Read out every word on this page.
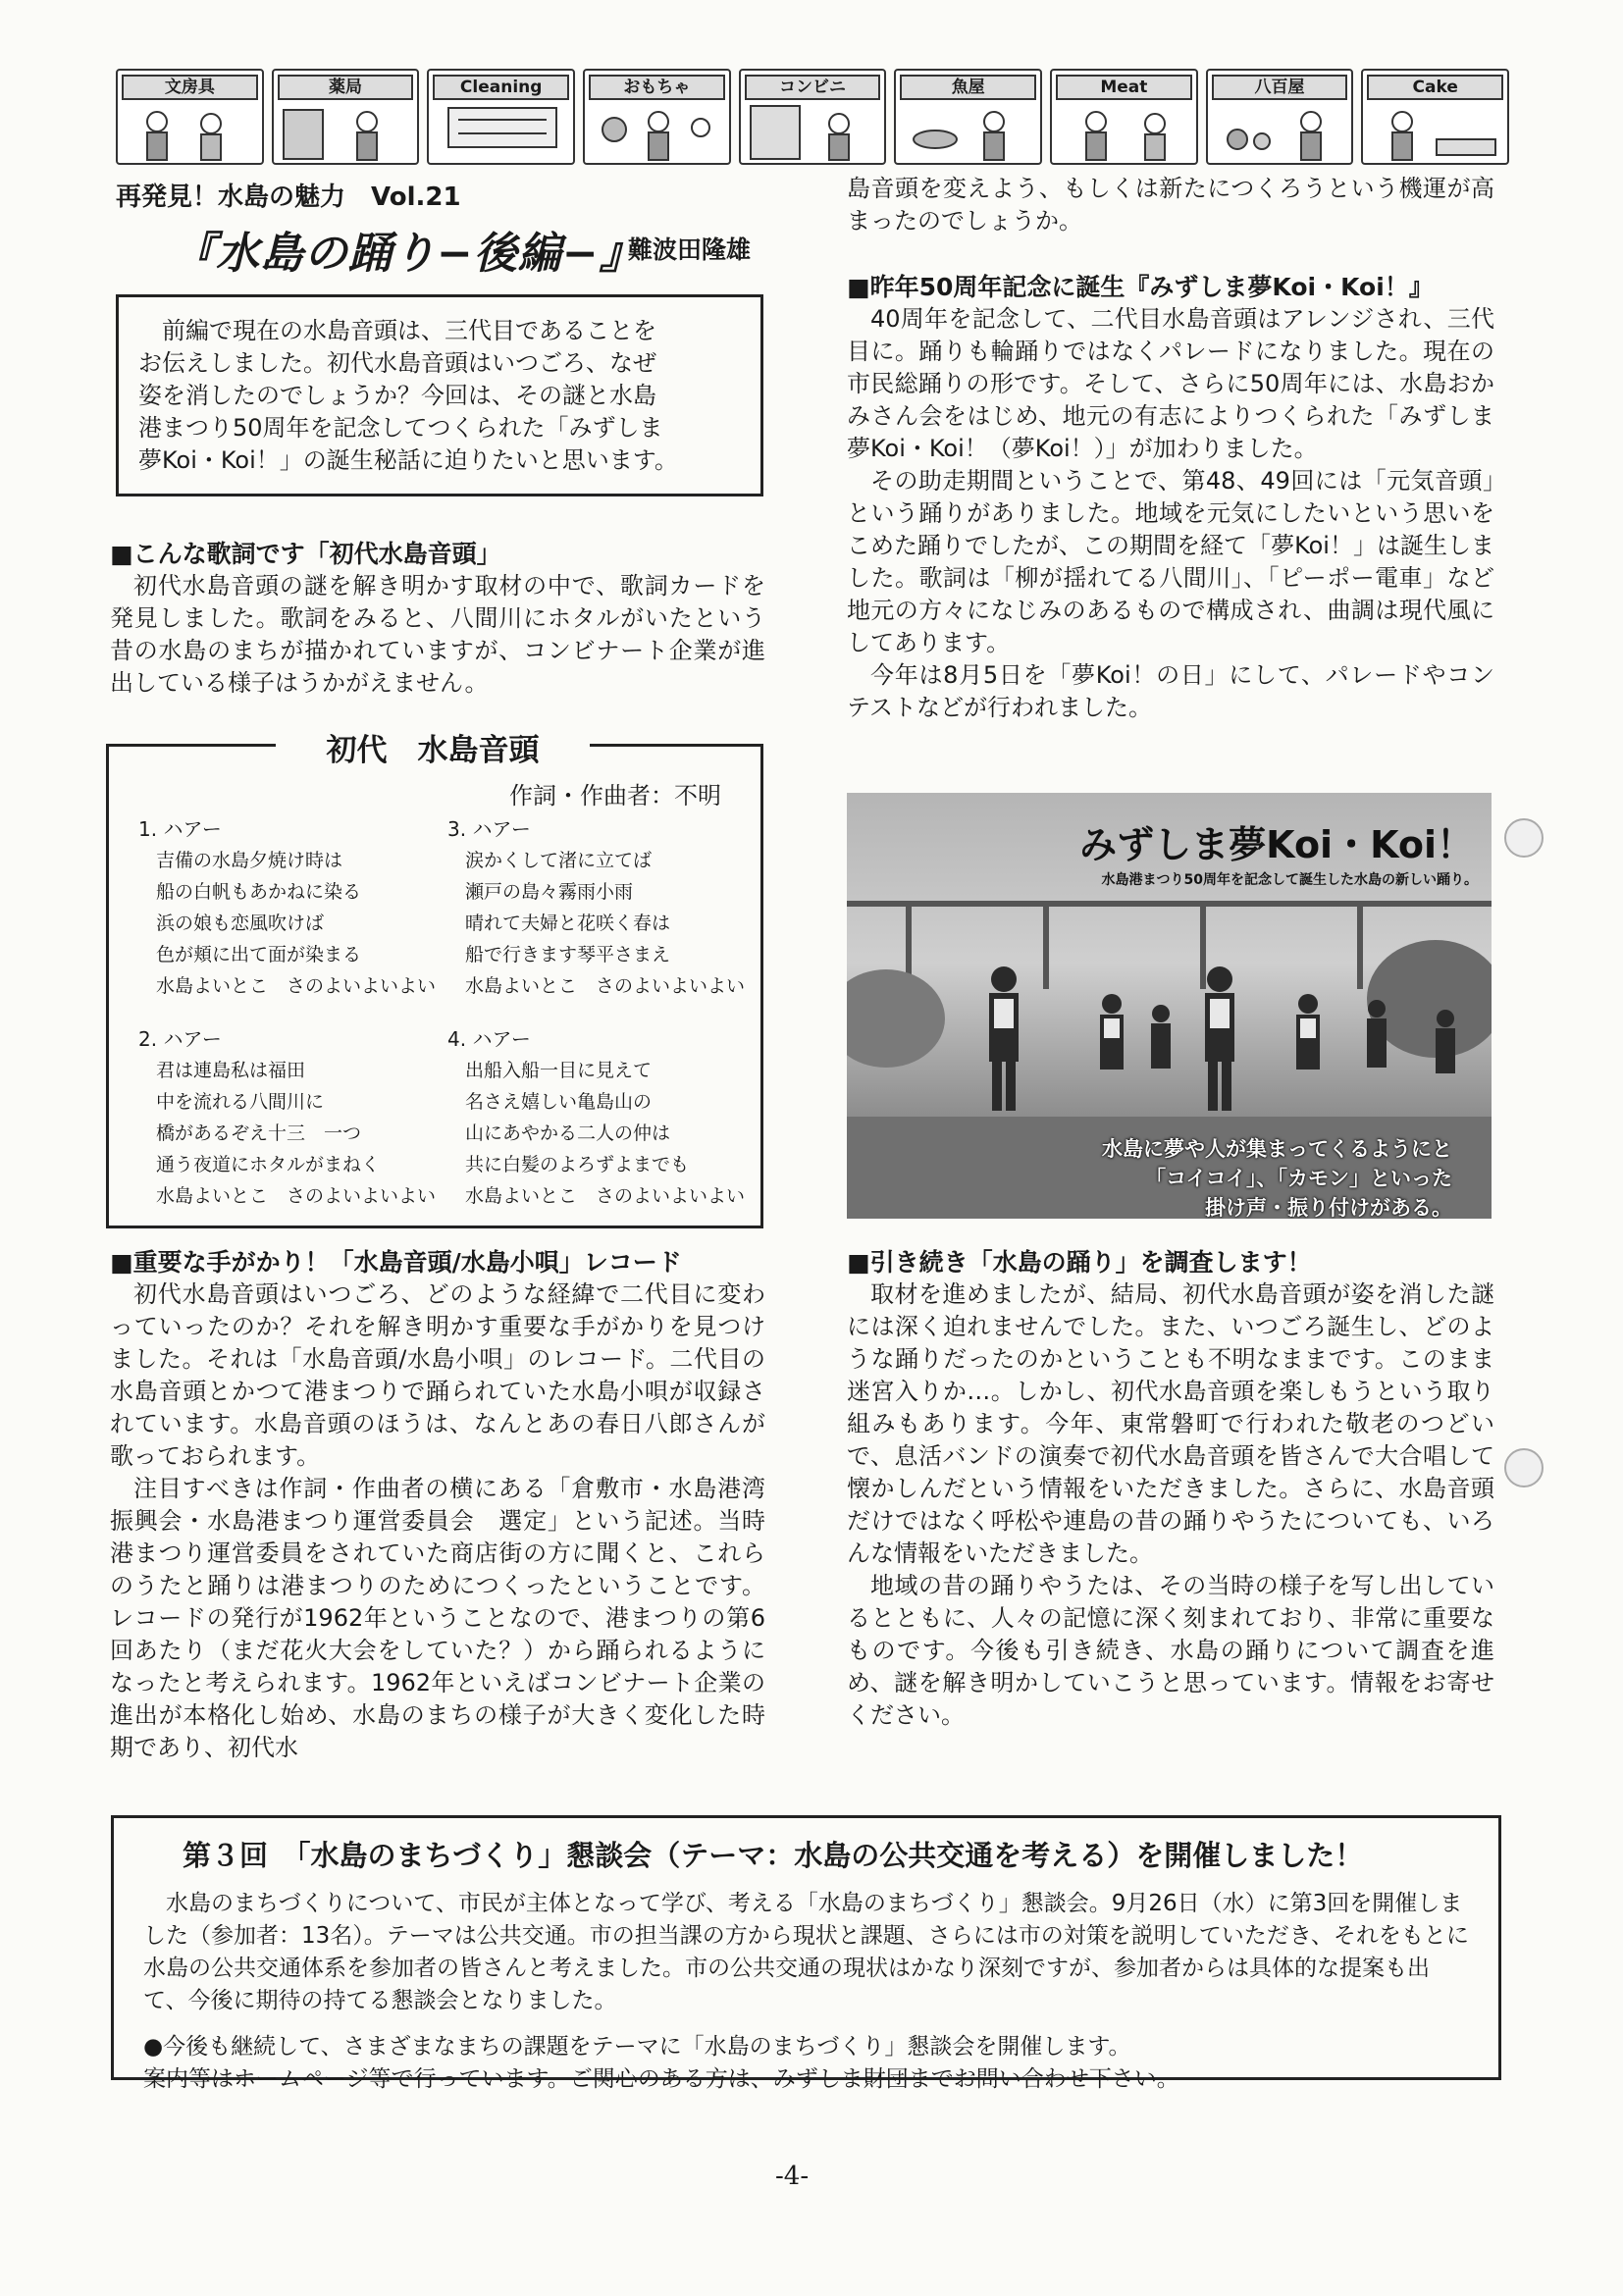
文房具	薬局	Cleaning	おもちゃ	コンビニ	魚屋	Meat	八百屋	Cake
再発見！水島の魅力　Vol.21
『水島の踊り−後編−』
難波田隆雄
前編で現在の水島音頭は、三代目であることを
お伝えしました。初代水島音頭はいつごろ、なぜ
姿を消したのでしょうか？今回は、その謎と水島
港まつり50周年を記念してつくられた「みずしま
夢Koi・Koi！」の誕生秘話に迫りたいと思います。

■こんな歌詞です「初代水島音頭」

初代水島音頭の謎を解き明かす取材の中で、歌詞カードを発見しました。歌詞をみると、八間川にホタルがいたという昔の水島のまちが描かれていますが、コンビナート企業が進出している様子はうかがえません。

初代　水島音頭
作詞・作曲者：不明
1. ハアー
吉備の水島夕焼け時は
船の白帆もあかねに染る
浜の娘も恋風吹けば
色が頬に出て面が染まる
水島よいとこ　さのよいよいよい
2. ハアー
君は連島私は福田
中を流れる八間川に
橋があるぞえ十三　一つ
通う夜道にホタルがまねく
水島よいとこ　さのよいよいよい
3. ハアー
涙かくして渚に立てば
瀬戸の島々霧雨小雨
晴れて夫婦と花咲く春は
船で行きます琴平さまえ
水島よいとこ　さのよいよいよい
4. ハアー
出船入船一目に見えて
名さえ嬉しい亀島山の
山にあやかる二人の仲は
共に白髪のよろずよまでも
水島よいとこ　さのよいよいよい

■重要な手がかり！「水島音頭/水島小唄」レコード

初代水島音頭はいつごろ、どのような経緯で二代目に変わっていったのか？それを解き明かす重要な手がかりを見つけました。それは「水島音頭/水島小唄」のレコード。二代目の水島音頭とかつて港まつりで踊られていた水島小唄が収録されています。水島音頭のほうは、なんとあの春日八郎さんが歌っておられます。

注目すべきは作詞・作曲者の横にある「倉敷市・水島港湾振興会・水島港まつり運営委員会　選定」という記述。当時港まつり運営委員をされていた商店街の方に聞くと、これらのうたと踊りは港まつりのためにつくったということです。レコードの発行が1962年ということなので、港まつりの第6回あたり（まだ花火大会をしていた？）から踊られるようになったと考えられます。1962年といえばコンビナート企業の進出が本格化し始め、水島のまちの様子が大きく変化した時期であり、初代水

島音頭を変えよう、もしくは新たにつくろうという機運が高まったのでしょうか。

■昨年50周年記念に誕生『みずしま夢Koi・Koi！』

40周年を記念して、二代目水島音頭はアレンジされ、三代目に。踊りも輪踊りではなくパレードになりました。現在の市民総踊りの形です。そして、さらに50周年には、水島おかみさん会をはじめ、地元の有志によりつくられた「みずしま夢Koi・Koi！（夢Koi！）」が加わりました。

その助走期間ということで、第48、49回には「元気音頭」という踊りがありました。地域を元気にしたいという思いをこめた踊りでしたが、この期間を経て「夢Koi！」は誕生しました。歌詞は「柳が揺れてる八間川」、「ピーポー電車」など地元の方々になじみのあるもので構成され、曲調は現代風にしてあります。

今年は8月5日を「夢Koi！の日」にして、パレードやコンテストなどが行われました。

みずしま夢Koi・Koi！
水島港まつり50周年を記念して誕生した水島の新しい踊り。
水島に夢や人が集まってくるようにと
「コイコイ」、「カモン」といった
掛け声・振り付けがある。

■引き続き「水島の踊り」を調査します！

取材を進めましたが、結局、初代水島音頭が姿を消した謎には深く迫れませんでした。また、いつごろ誕生し、どのような踊りだったのかということも不明なままです。このまま迷宮入りか…。しかし、初代水島音頭を楽しもうという取り組みもあります。今年、東常磐町で行われた敬老のつどいで、息活バンドの演奏で初代水島音頭を皆さんで大合唱して懐かしんだという情報をいただきました。さらに、水島音頭だけではなく呼松や連島の昔の踊りやうたについても、いろんな情報をいただきました。

地域の昔の踊りやうたは、その当時の様子を写し出しているとともに、人々の記憶に深く刻まれており、非常に重要なものです。今後も引き続き、水島の踊りについて調査を進め、謎を解き明かしていこうと思っています。情報をお寄せください。

第３回　「水島のまちづくり」懇談会（テーマ：水島の公共交通を考える）を開催しました！

水島のまちづくりについて、市民が主体となって学び、考える「水島のまちづくり」懇談会。9月26日（水）に第3回を開催しました（参加者：13名）。テーマは公共交通。市の担当課の方から現状と課題、さらには市の対策を説明していただき、それをもとに水島の公共交通体系を参加者の皆さんと考えました。市の公共交通の現状はかなり深刻ですが、参加者からは具体的な提案も出て、今後に期待の持てる懇談会となりました。

●今後も継続して、さまざまなまちの課題をテーマに「水島のまちづくり」懇談会を開催します。
案内等はホームページ等で行っています。ご関心のある方は、みずしま財団までお問い合わせ下さい。

-4-
